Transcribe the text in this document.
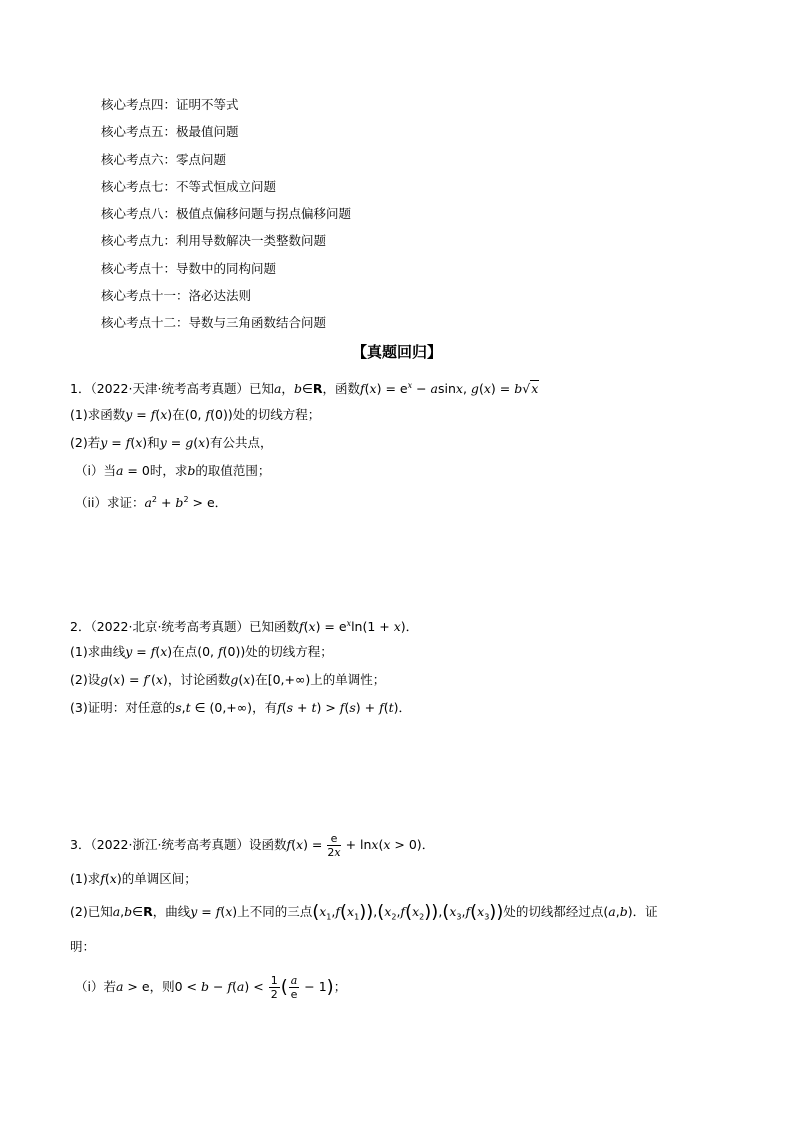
核心考点四：证明不等式
核心考点五：极最值问题
核心考点六：零点问题
核心考点七：不等式恒成立问题
核心考点八：极值点偏移问题与拐点偏移问题
核心考点九：利用导数解决一类整数问题
核心考点十：导数中的同构问题
核心考点十一：洛必达法则
核心考点十二：导数与三角函数结合问题
【真题回归】
1．（2022·天津·统考高考真题）已知a，b∈R，函数$f(x) = e^x - asinx$, g(x) = b√x
(1)求函数y = f(x)在(0, f(0))处的切线方程；
(2)若y = f(x)和y = g(x)有公共点，
（i）当a = 0时，求b的取值范围；
（ii）求证：$a^2 + b^2 > e$．
2．（2022·北京·统考高考真题）已知函数$f(x) = e^x\ln(1 + x)$．
(1)求曲线y = f(x)在点(0, f(0))处的切线方程；
(2)设g(x) = f′(x)，讨论函数g(x)在[0,+∞)上的单调性；
(3)证明：对任意的s,t ∈ (0,+∞)，有f(s + t) > f(s) + f(t)．
3．（2022·浙江·统考高考真题）设函数$f(x) = \frac{e}{2x} + \ln x(x > 0)$．
(1)求f(x)的单调区间；
(2)已知a,b∈R，曲线y = f(x)上不同的三点$(x_1,f(x_1)),(x_2,f(x_2)),(x_3,f(x_3))$处的切线都经过点(a,b)．证
明：
（ⅰ）若a > e，则$0 < b - f(a) < \frac{1}{2}$ ( $\frac{a}{e} - 1$)；
